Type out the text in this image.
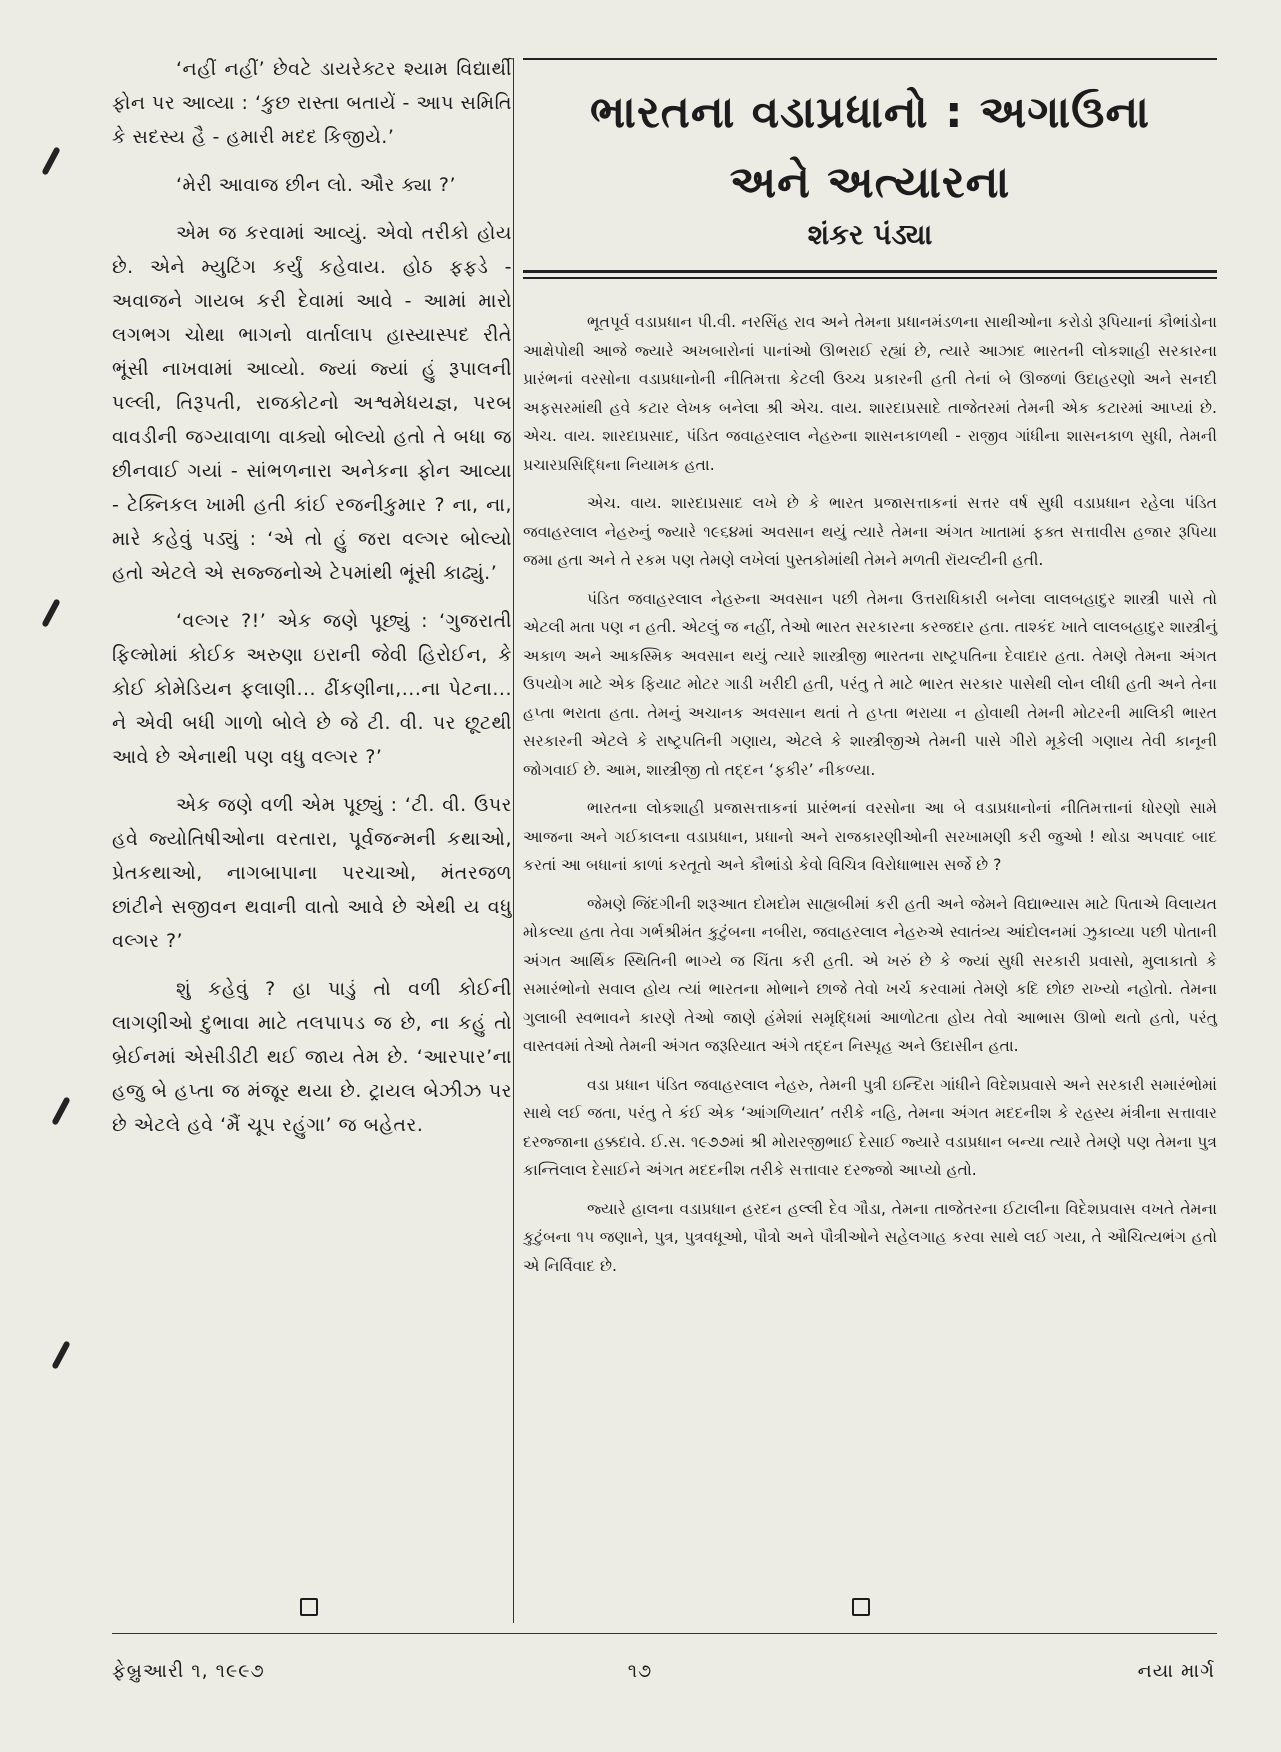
‘નહીં નહીં’ છેવટે ડાયરેક્ટર શ્યામ વિદ્યાર્થી ફોન પર આવ્યા : ‘કુછ રાસ્તા બતાયેં - આપ સમિતિ કે સદસ્ય હૈ - હમારી મદદ કિજીયે.’

‘મેરી આવાજ છીન લો. ઔર ક્યા ?’

એમ જ કરવામાં આવ્યું. એવો તરીકો હોય છે. એને મ્યુટિંગ કર્યું કહેવાય. હોઠ ફફડે - અવાજને ગાયબ કરી દેવામાં આવે - આમાં મારો લગભગ ચોથા ભાગનો વાર્તાલાપ હાસ્યાસ્પદ રીતે ભૂંસી નાખવામાં આવ્યો. જ્યાં જ્યાં હું રૂપાલની પલ્લી, તિરૂપતી, રાજકોટનો અશ્વમેધયજ્ઞ, પરબ વાવડીની જગ્યાવાળા વાક્યો બોલ્યો હતો તે બધા જ છીનવાઈ ગયાં - સાંભળનારા અનેકના ફોન આવ્યા - ટેક્નિકલ ખામી હતી કાંઈ રજનીકુમાર ? ના, ના, મારે કહેવું પડ્યું : ‘એ તો હું જરા વલ્ગર બોલ્યો હતો એટલે એ સજ્જનોએ ટેપમાંથી ભૂંસી કાઢ્યું.’

‘વલ્ગર ?!’ એક જણે પૂછ્યું : ‘ગુજરાતી ફિલ્મોમાં કોઈક અરુણા ઇરાની જેવી હિરોઈન, કે કોઈ કોમેડિયન ફલાણી... ઢીંકણીના,...ના પેટના... ને એવી બધી ગાળો બોલે છે જે ટી. વી. પર છૂટથી આવે છે એનાથી પણ વધુ વલ્ગર ?’

એક જણે વળી એમ પૂછ્યું : ‘ટી. વી. ઉપર હવે જ્યોતિષીઓના વરતારા, પૂર્વજન્મની કથાઓ, પ્રેતકથાઓ, નાગબાપાના પરચાઓ, મંતરજળ છાંટીને સજીવન થવાની વાતો આવે છે એથી ય વધુ વલ્ગર ?’

શું કહેવું ? હા પાડું તો વળી કોઈની લાગણીઓ દુભાવા માટે તલપાપડ જ છે, ના કહું તો બ્રેઈનમાં એસીડીટી થઈ જાય તેમ છે. ‘આરપાર’ના હજુ બે હપ્તા જ મંજૂર થયા છે. ટ્રાયલ બેઝીઝ પર છે એટલે હવે ‘મૈં ચૂપ રહુંગા’ જ બહેતર.

ભારતના વડાપ્રધાનો : અગાઉના
અને અત્યારના
શંકર પંડ્યા

ભૂતપૂર્વ વડાપ્રધાન પી.વી. નરસિંહ રાવ અને તેમના પ્રધાનમંડળના સાથીઓના કરોડો રૂપિયાનાં કૌભાંડોના આક્ષેપોથી આજે જ્યારે અખબારોનાં પાનાંઓ ઊભરાઈ રહ્યાં છે, ત્યારે આઝાદ ભારતની લોકશાહી સરકારના પ્રારંભનાં વરસોના વડાપ્રધાનોની નીતિમત્તા કેટલી ઉચ્ચ પ્રકારની હતી તેનાં બે ઊજળાં ઉદાહરણો અને સનદી અફસરમાંથી હવે કટાર લેખક બનેલા શ્રી એચ. વાય. શારદાપ્રસાદે તાજેતરમાં તેમની એક કટારમાં આપ્યાં છે. એચ. વાય. શારદાપ્રસાદ, પંડિત જવાહરલાલ નેહરુના શાસનકાળથી - રાજીવ ગાંધીના શાસનકાળ સુધી, તેમની પ્રચારપ્રસિદ્ધિના નિયામક હતા.

એચ. વાય. શારદાપ્રસાદ લખે છે કે ભારત પ્રજાસત્તાકનાં સત્તર વર્ષ સુધી વડાપ્રધાન રહેલા પંડિત જવાહરલાલ નેહરુનું જ્યારે ૧૯૬૪માં અવસાન થયું ત્યારે તેમના અંગત ખાતામાં ફક્ત સત્તાવીસ હજાર રૂપિયા જમા હતા અને તે રકમ પણ તેમણે લખેલાં પુસ્તકોમાંથી તેમને મળતી રૉયલ્ટીની હતી.

પંડિત જવાહરલાલ નેહરુના અવસાન પછી તેમના ઉત્તરાધિકારી બનેલા લાલબહાદુર શાસ્ત્રી પાસે તો એટલી મતા પણ ન હતી. એટલું જ નહીં, તેઓ ભારત સરકારના કરજદાર હતા. તાશ્કંદ ખાતે લાલબહાદુર શાસ્ત્રીનું અકાળ અને આકસ્મિક અવસાન થયું ત્યારે શાસ્ત્રીજી ભારતના રાષ્ટ્રપતિના દેવાદાર હતા. તેમણે તેમના અંગત ઉપયોગ માટે એક ફિયાટ મોટર ગાડી ખરીદી હતી, પરંતુ તે માટે ભારત સરકાર પાસેથી લોન લીધી હતી અને તેના હપ્તા ભરાતા હતા. તેમનું અચાનક અવસાન થતાં તે હપ્તા ભરાયા ન હોવાથી તેમની મોટરની માલિકી ભારત સરકારની એટલે કે રાષ્ટ્રપતિની ગણાય, એટલે કે શાસ્ત્રીજીએ તેમની પાસે ગીરો મૂકેલી ગણાય તેવી કાનૂની જોગવાઈ છે. આમ, શાસ્ત્રીજી તો તદ્દન ‘ફકીર’ નીકળ્યા.

ભારતના લોકશાહી પ્રજાસત્તાકનાં પ્રારંભનાં વરસોના આ બે વડાપ્રધાનોનાં નીતિમત્તાનાં ધોરણો સામે આજના અને ગઈકાલના વડાપ્રધાન, પ્રધાનો અને રાજકારણીઓની સરખામણી કરી જુઓ ! થોડા અપવાદ બાદ કરતાં આ બધાનાં કાળાં કરતૂતો અને કૌભાંડો કેવો વિચિત્ર વિરોધાભાસ સર્જે છે ?

જેમણે જિંદગીની શરૂઆત દોમદોમ સાહ્યબીમાં કરી હતી અને જેમને વિદ્યાભ્યાસ માટે પિતાએ વિલાયત મોકલ્યા હતા તેવા ગર્ભશ્રીમંત કુટુંબના નબીરા, જવાહરલાલ નેહરુએ સ્વાતંત્ર્ય આંદોલનમાં ઝુકાવ્યા પછી પોતાની અંગત આર્થિક સ્થિતિની ભાગ્યે જ ચિંતા કરી હતી. એ ખરું છે કે જ્યાં સુધી સરકારી પ્રવાસો, મુલાકાતો કે સમારંભોનો સવાલ હોય ત્યાં ભારતના મોભાને છાજે તેવો ખર્ચ કરવામાં તેમણે કદિ છોછ રાખ્યો નહોતો. તેમના ગુલાબી સ્વભાવને કારણે તેઓ જાણે હંમેશાં સમૃદ્ધિમાં આળોટતા હોય તેવો આભાસ ઊભો થતો હતો, પરંતુ વાસ્તવમાં તેઓ તેમની અંગત જરૂરિયાત અંગે તદ્દન નિસ્પૃહ અને ઉદાસીન હતા.

વડા પ્રધાન પંડિત જવાહરલાલ નેહરુ, તેમની પુત્રી ઇન્દિરા ગાંધીને વિદેશપ્રવાસે અને સરકારી સમારંભોમાં સાથે લઈ જતા, પરંતુ તે કંઈ એક ‘આંગળિયાત’ તરીકે નહિ, તેમના અંગત મદદનીશ કે રહસ્ય મંત્રીના સત્તાવાર દરજ્જાના હક્કદાવે. ઈ.સ. ૧૯૭૭માં શ્રી મોરારજીભાઈ દેસાઈ જ્યારે વડાપ્રધાન બન્યા ત્યારે તેમણે પણ તેમના પુત્ર કાન્તિલાલ દેસાઈને અંગત મદદનીશ તરીકે સત્તાવાર દરજ્જો આપ્યો હતો.

જ્યારે હાલના વડાપ્રધાન હરદન હલ્લી દેવ ગૌડા, તેમના તાજેતરના ઈટાલીના વિદેશપ્રવાસ વખતે તેમના કુટુંબના ૧૫ જણાને, પુત્ર, પુત્રવધૂઓ, પૌત્રો અને પૌત્રીઓને સહેલગાહ કરવા સાથે લઈ ગયા, તે ઔચિત્યભંગ હતો એ નિર્વિવાદ છે.

ફેબ્રુઆરી ૧, ૧૯૯૭	૧૭	નયા માર્ગ
